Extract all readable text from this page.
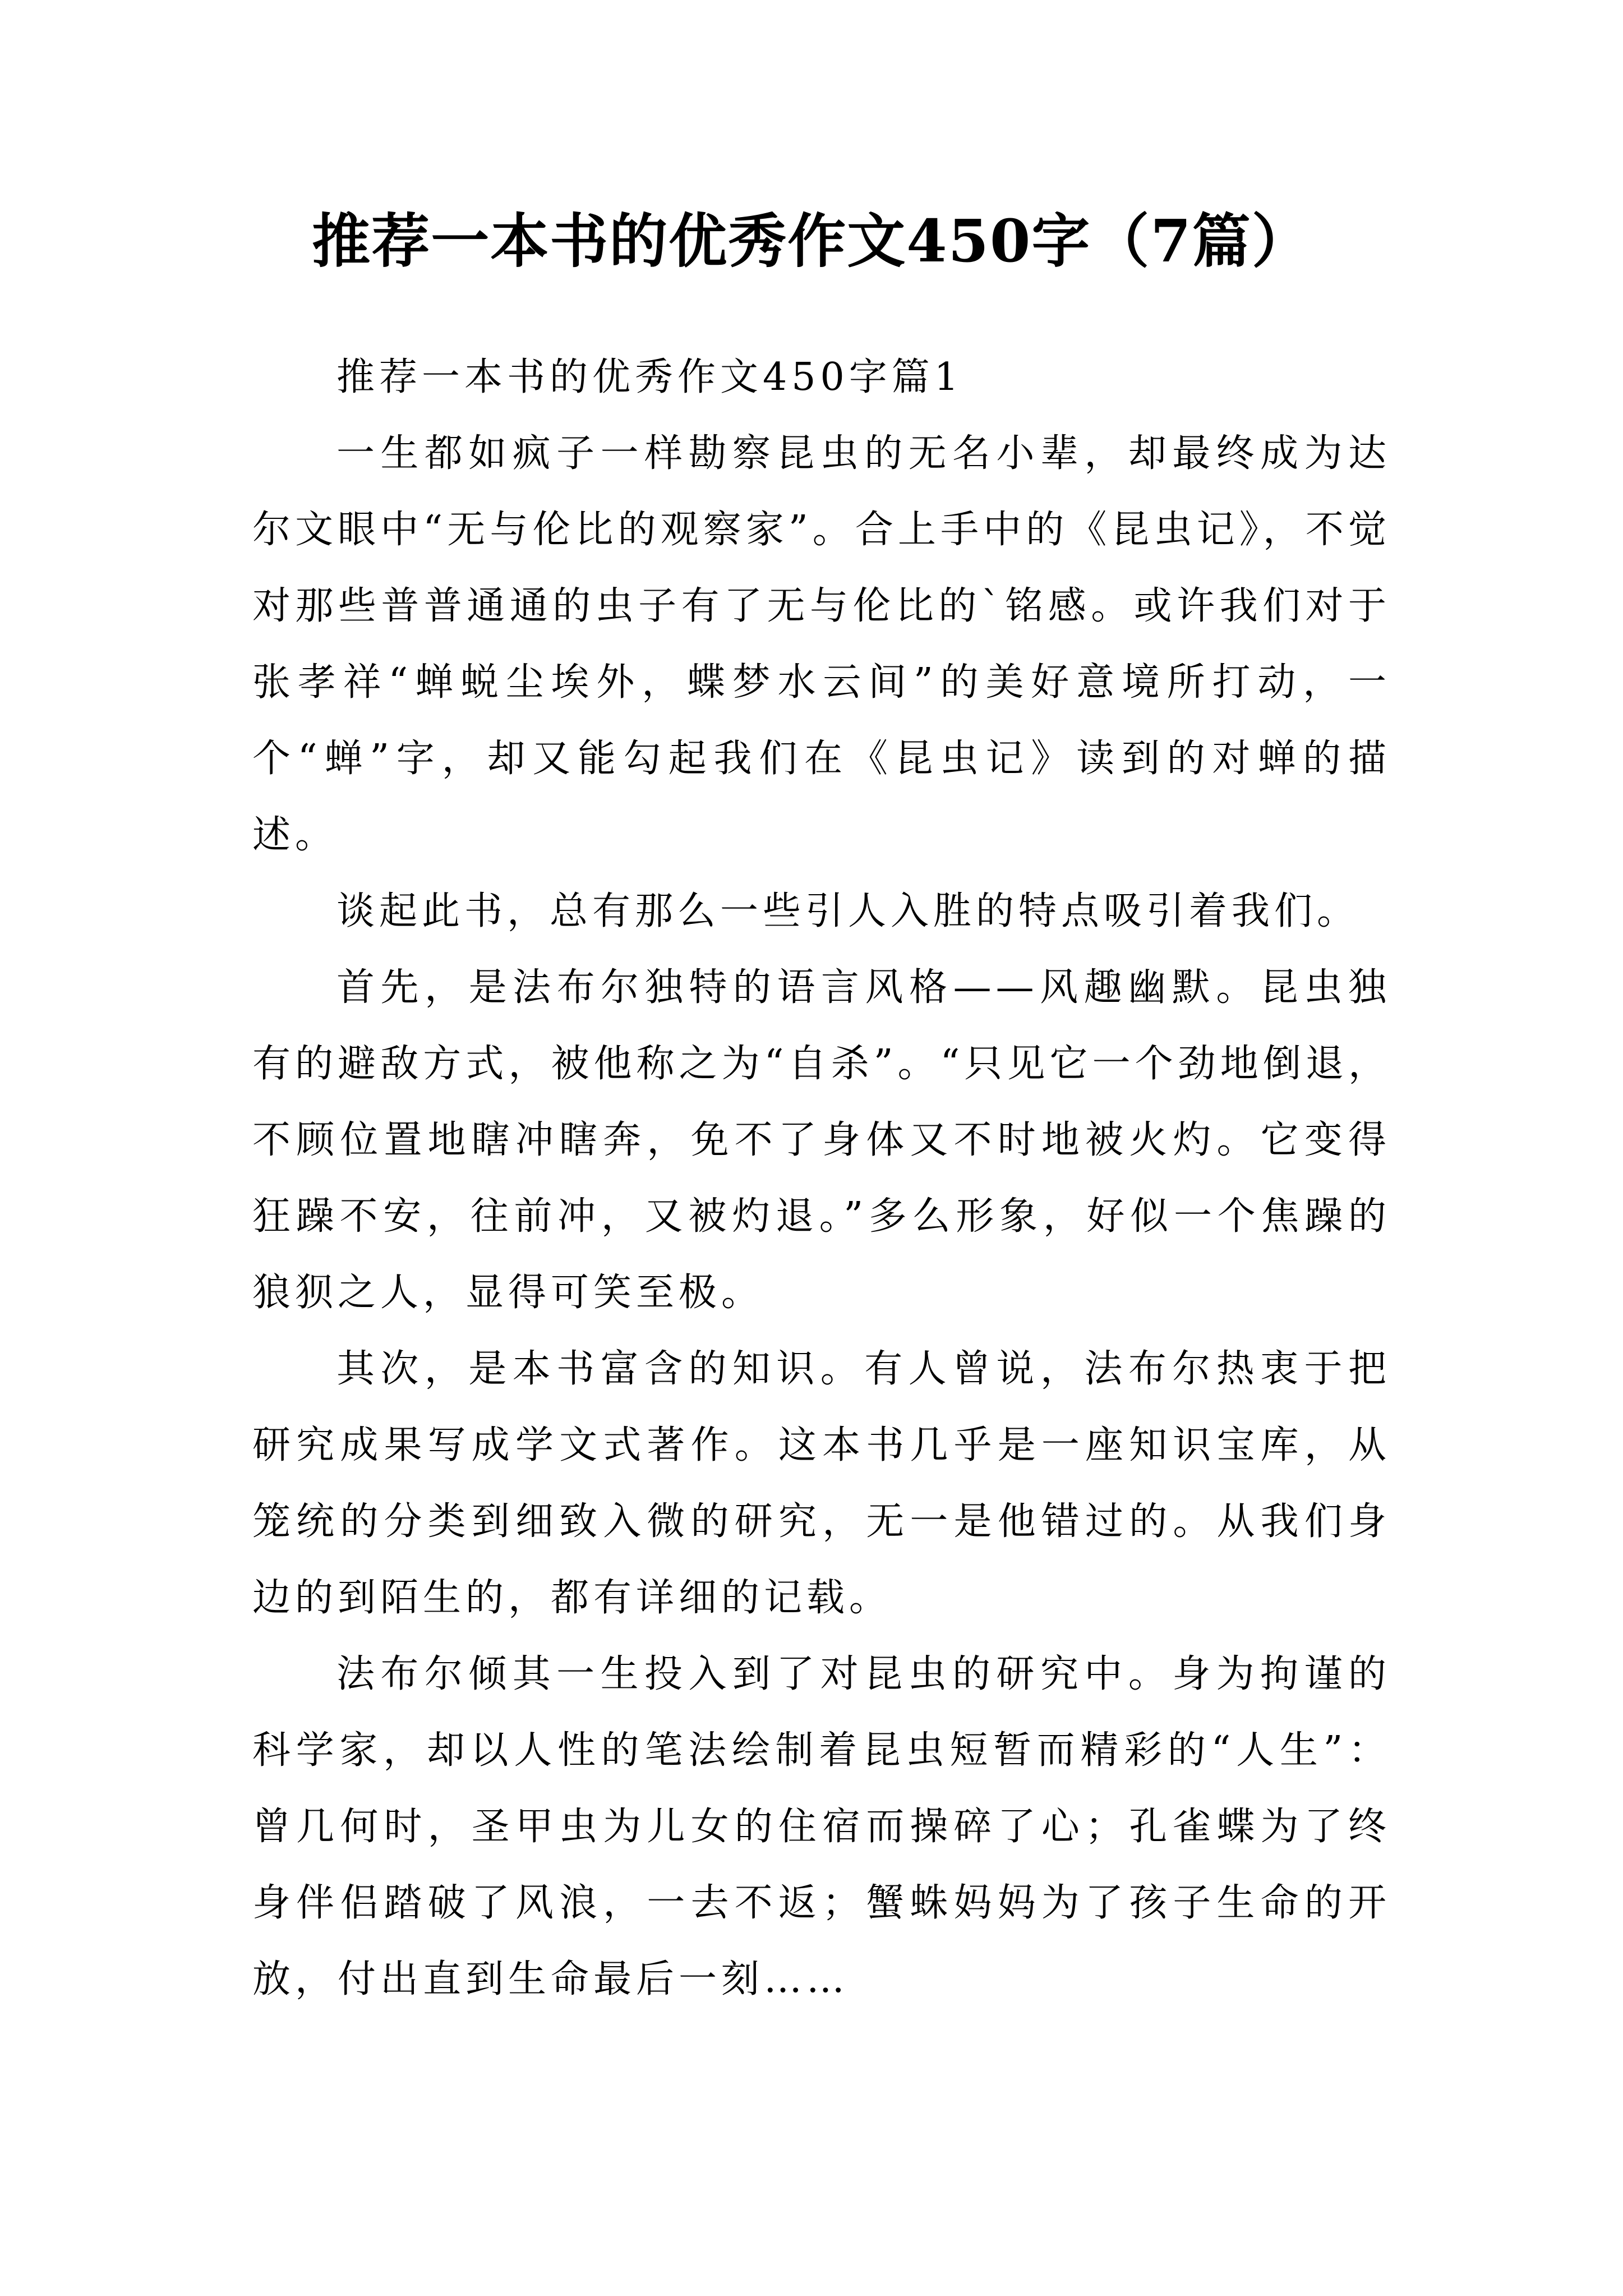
推荐一本书的优秀作文450字（7篇）

推荐一本书的优秀作文450字篇1

一生都如疯子一样勘察昆虫的无名小辈，却最终成为达尔文眼中“无与伦比的观察家”。合上手中的《昆虫记》，不觉对那些普普通通的虫子有了无与伦比的`铭感。或许我们对于张孝祥“蝉蜕尘埃外，蝶梦水云间”的美好意境所打动，一个“蝉”字，却又能勾起我们在《昆虫记》读到的对蝉的描述。

谈起此书，总有那么一些引人入胜的特点吸引着我们。

首先，是法布尔独特的语言风格——风趣幽默。昆虫独有的避敌方式，被他称之为“自杀”。“只见它一个劲地倒退，不顾位置地瞎冲瞎奔，免不了身体又不时地被火灼。它变得狂躁不安，往前冲，又被灼退。”多么形象，好似一个焦躁的狼狈之人，显得可笑至极。

其次，是本书富含的知识。有人曾说，法布尔热衷于把研究成果写成学文式著作。这本书几乎是一座知识宝库，从笼统的分类到细致入微的研究，无一是他错过的。从我们身边的到陌生的，都有详细的记载。

法布尔倾其一生投入到了对昆虫的研究中。身为拘谨的科学家，却以人性的笔法绘制着昆虫短暂而精彩的“人生”：曾几何时，圣甲虫为儿女的住宿而操碎了心；孔雀蝶为了终身伴侣踏破了风浪，一去不返；蟹蛛妈妈为了孩子生命的开放，付出直到生命最后一刻……
